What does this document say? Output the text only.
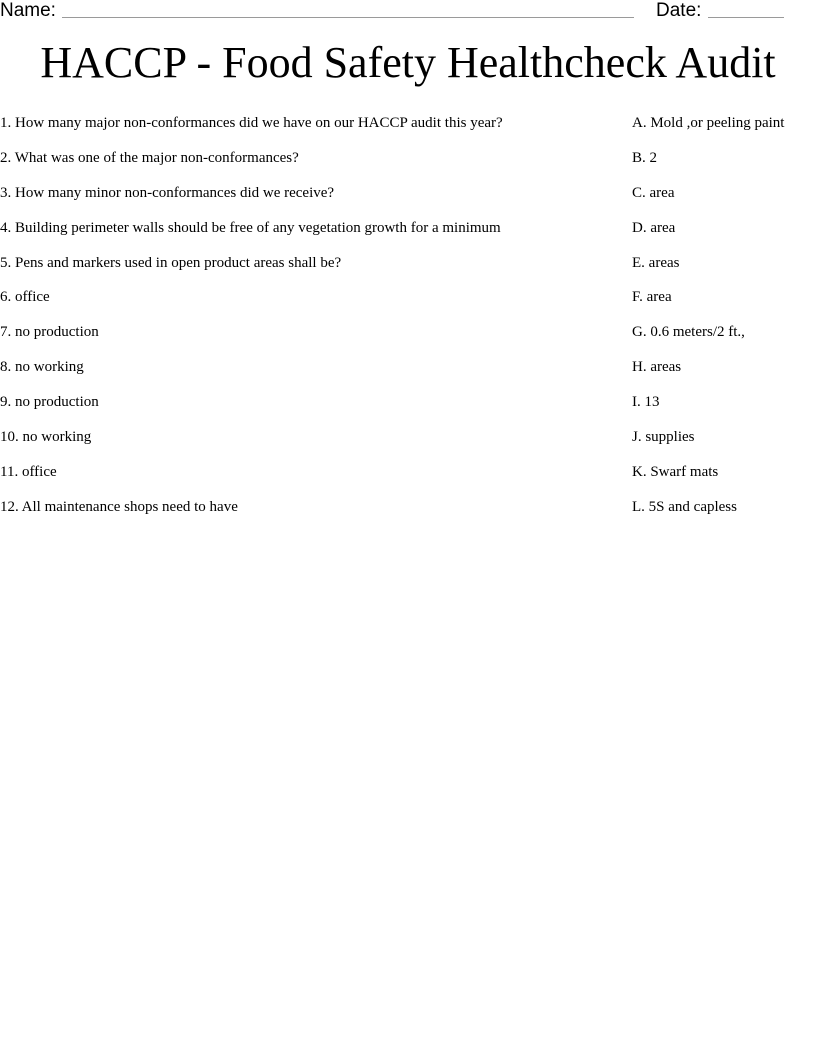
Name:	Date:
HACCP - Food Safety Healthcheck Audit
1. How many major non-conformances did we have on our HACCP audit this year?
2. What was one of the major non-conformances?
3. How many minor non-conformances did we receive?
4. Building perimeter walls should be free of any vegetation growth for a minimum
5. Pens and markers used in open product areas shall be?
6. office
7. no production
8. no working
9. no production
10. no working
11. office
12. All maintenance shops need to have
A. Mold ,or peeling paint
B. 2
C. area
D. area
E. areas
F. area
G. 0.6 meters/2 ft.,
H. areas
I. 13
J. supplies
K. Swarf mats
L. 5S and capless
